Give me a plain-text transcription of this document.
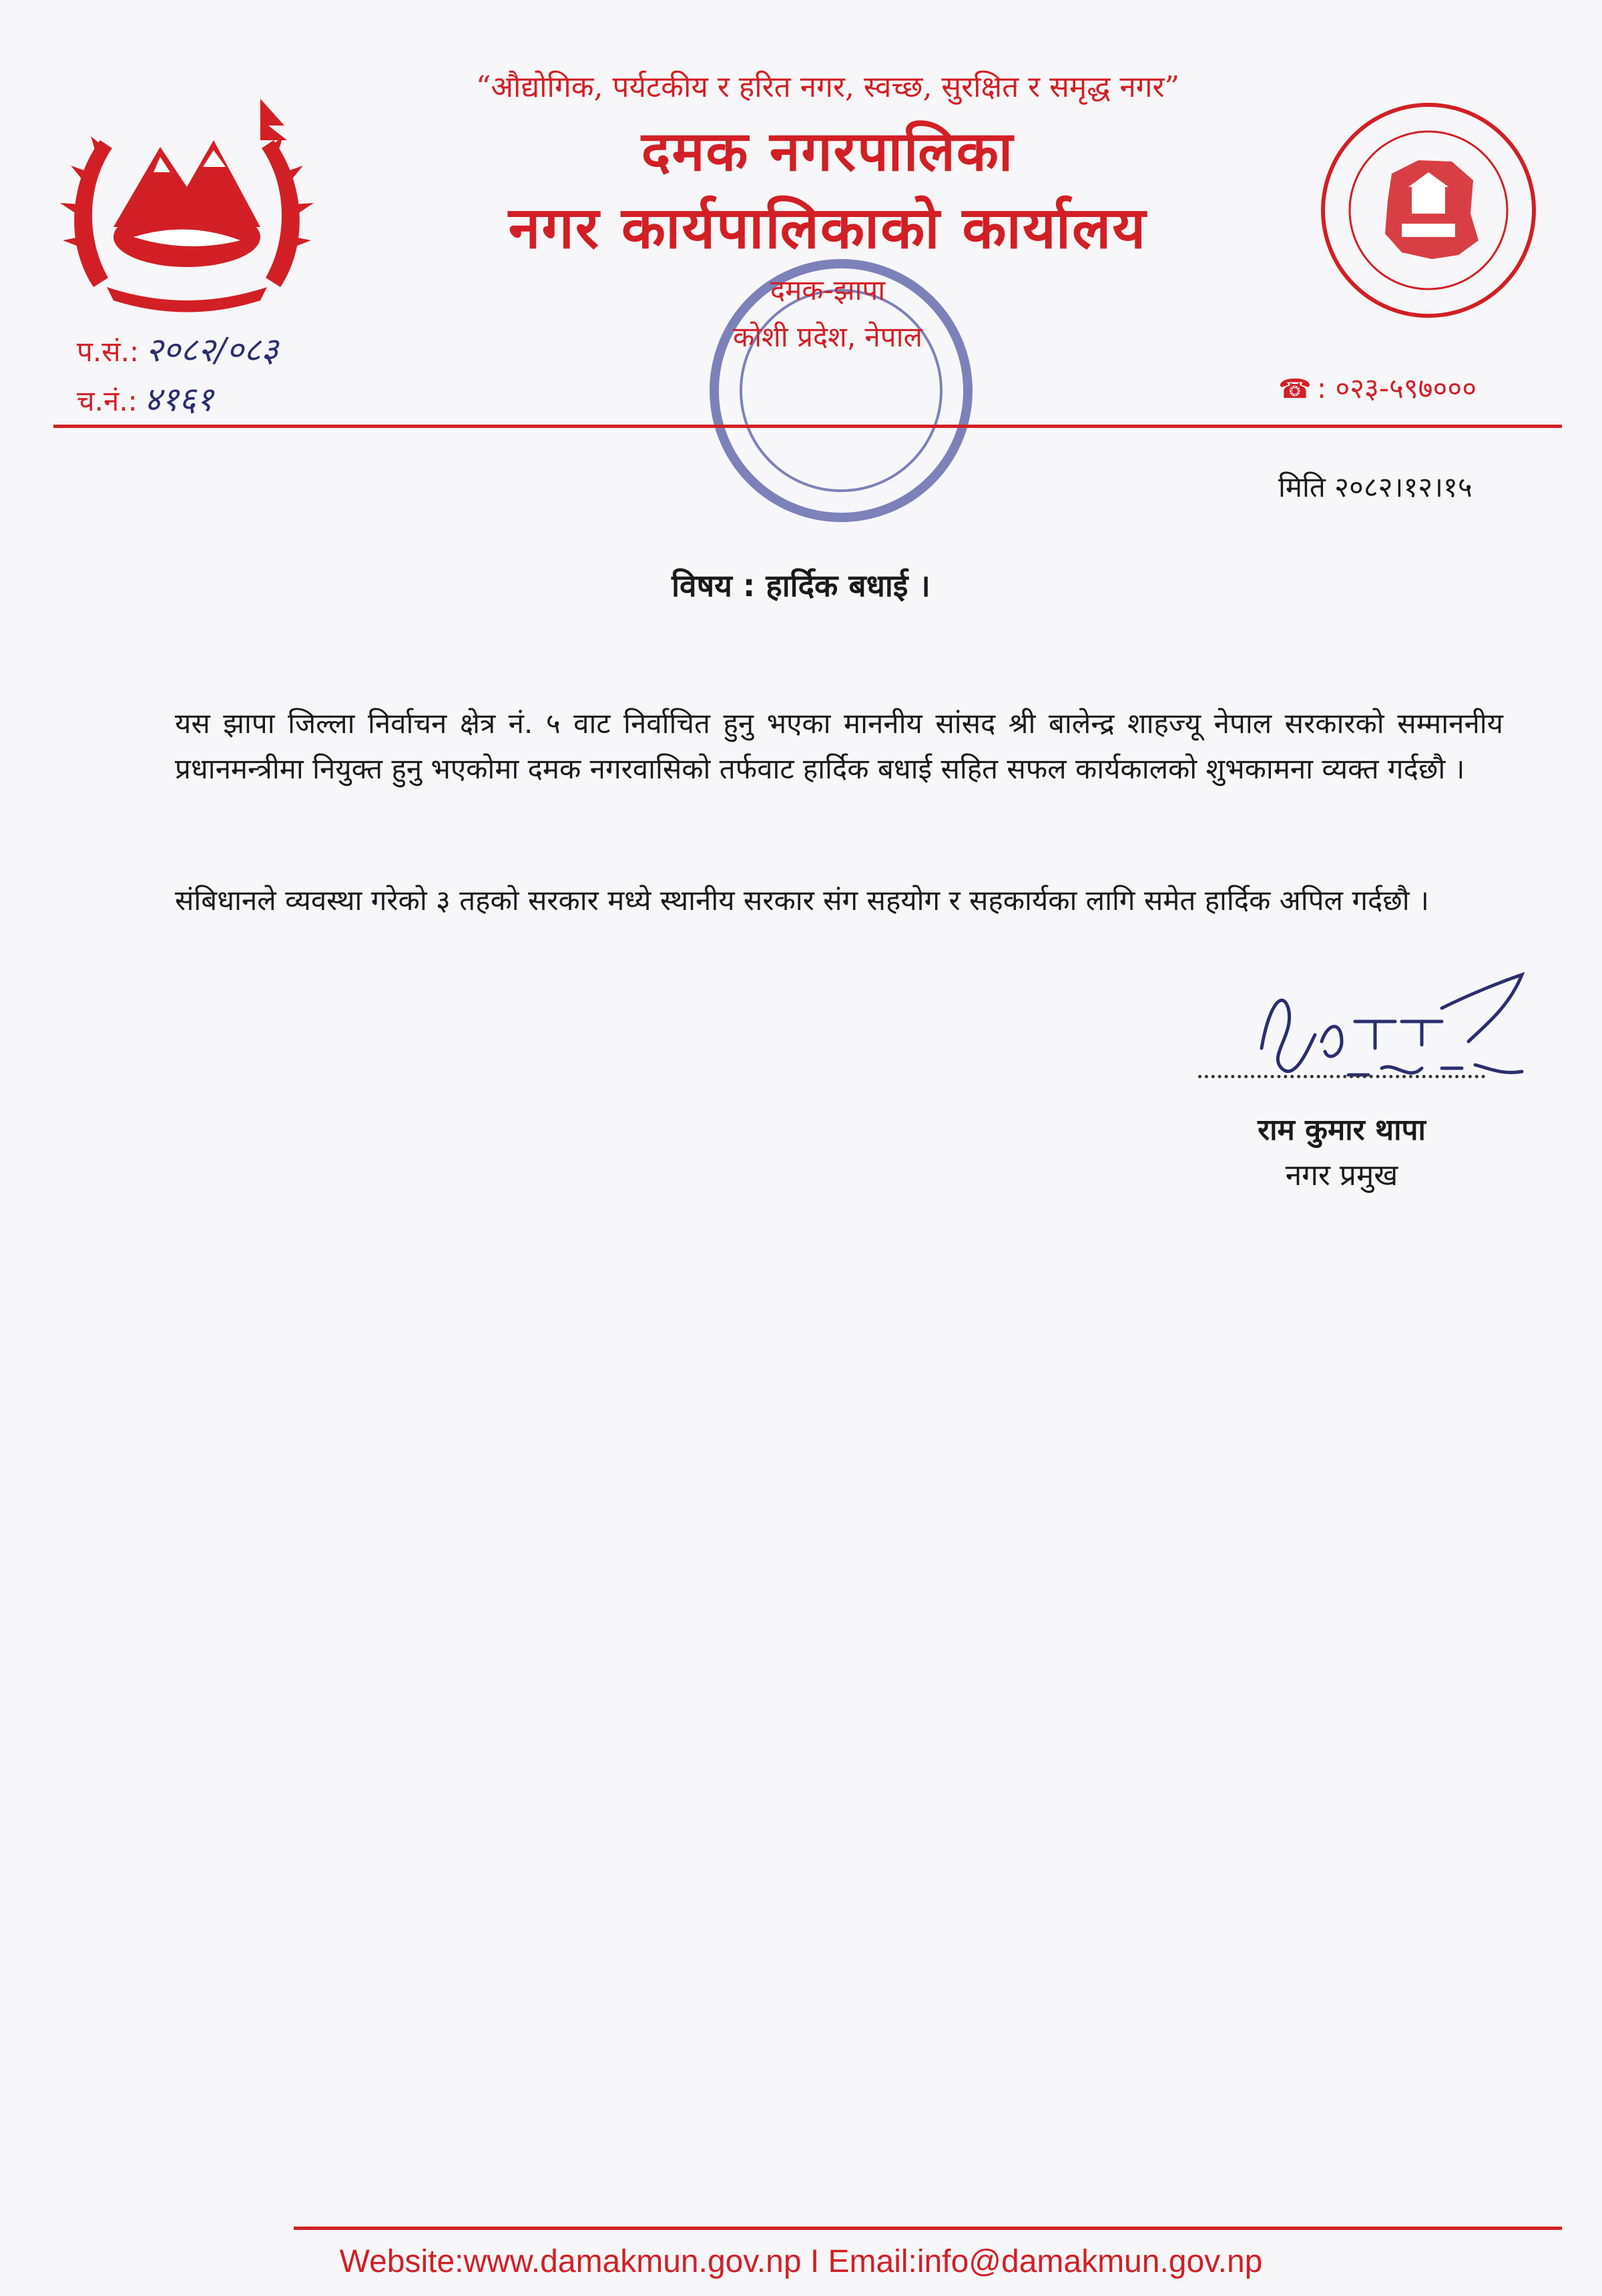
“औद्योगिक, पर्यटकीय र हरित नगर, स्वच्छ, सुरक्षित र समृद्ध नगर”
दमक नगरपालिका
नगर कार्यपालिकाको कार्यालय
दमक-झापा
कोशी प्रदेश, नेपाल
प.सं.: २०८२/०८३
च.नं.: ४१६१	☎ : ०२३-५९७०००
मिति २०८२।१२।१५
विषय : हार्दिक बधाई ।
यस झापा जिल्ला निर्वाचन क्षेत्र नं. ५ वाट निर्वाचित हुनु भएका माननीय सांसद श्री बालेन्द्र शाहज्यू नेपाल सरकारको सम्माननीय प्रधानमन्त्रीमा नियुक्त हुनु भएकोमा दमक नगरवासिको तर्फवाट हार्दिक बधाई सहित सफल कार्यकालको शुभकामना व्यक्त गर्दछौ ।
संबिधानले व्यवस्था गरेको ३ तहको सरकार मध्ये स्थानीय सरकार संग सहयोग र सहकार्यका लागि समेत हार्दिक अपिल गर्दछौ ।
राम कुमार थापा
नगर प्रमुख
Website:www.damakmun.gov.np I Email:info@damakmun.gov.np
